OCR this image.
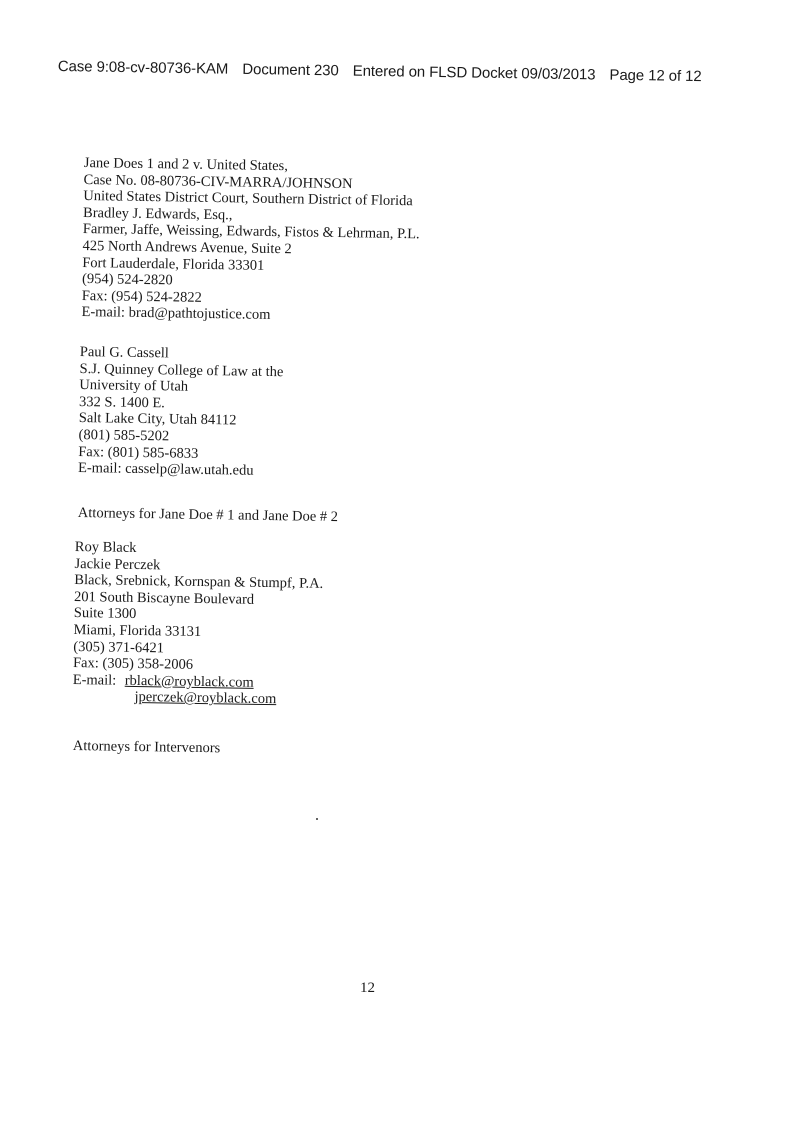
Case 9:08-cv-80736-KAM Document 230 Entered on FLSD Docket 09/03/2013 Page 12 of 12
Jane Does 1 and 2 v. United States,
Case No. 08-80736-CIV-MARRA/JOHNSON
United States District Court, Southern District of Florida
Bradley J. Edwards, Esq.,
Farmer, Jaffe, Weissing, Edwards, Fistos & Lehrman, P.L.
425 North Andrews Avenue, Suite 2
Fort Lauderdale, Florida 33301
(954) 524-2820
Fax: (954) 524-2822
E-mail: brad@pathtojustice.com
Paul G. Cassell
S.J. Quinney College of Law at the
University of Utah
332 S. 1400 E.
Salt Lake City, Utah 84112
(801) 585-5202
Fax: (801) 585-6833
E-mail: casselp@law.utah.edu
Attorneys for Jane Doe # 1 and Jane Doe # 2
Roy Black
Jackie Perczek
Black, Srebnick, Kornspan & Stumpf, P.A.
201 South Biscayne Boulevard
Suite 1300
Miami, Florida 33131
(305) 371-6421
Fax: (305) 358-2006
E-mail: rblack@royblack.com
jperczek@royblack.com
Attorneys for Intervenors
12
